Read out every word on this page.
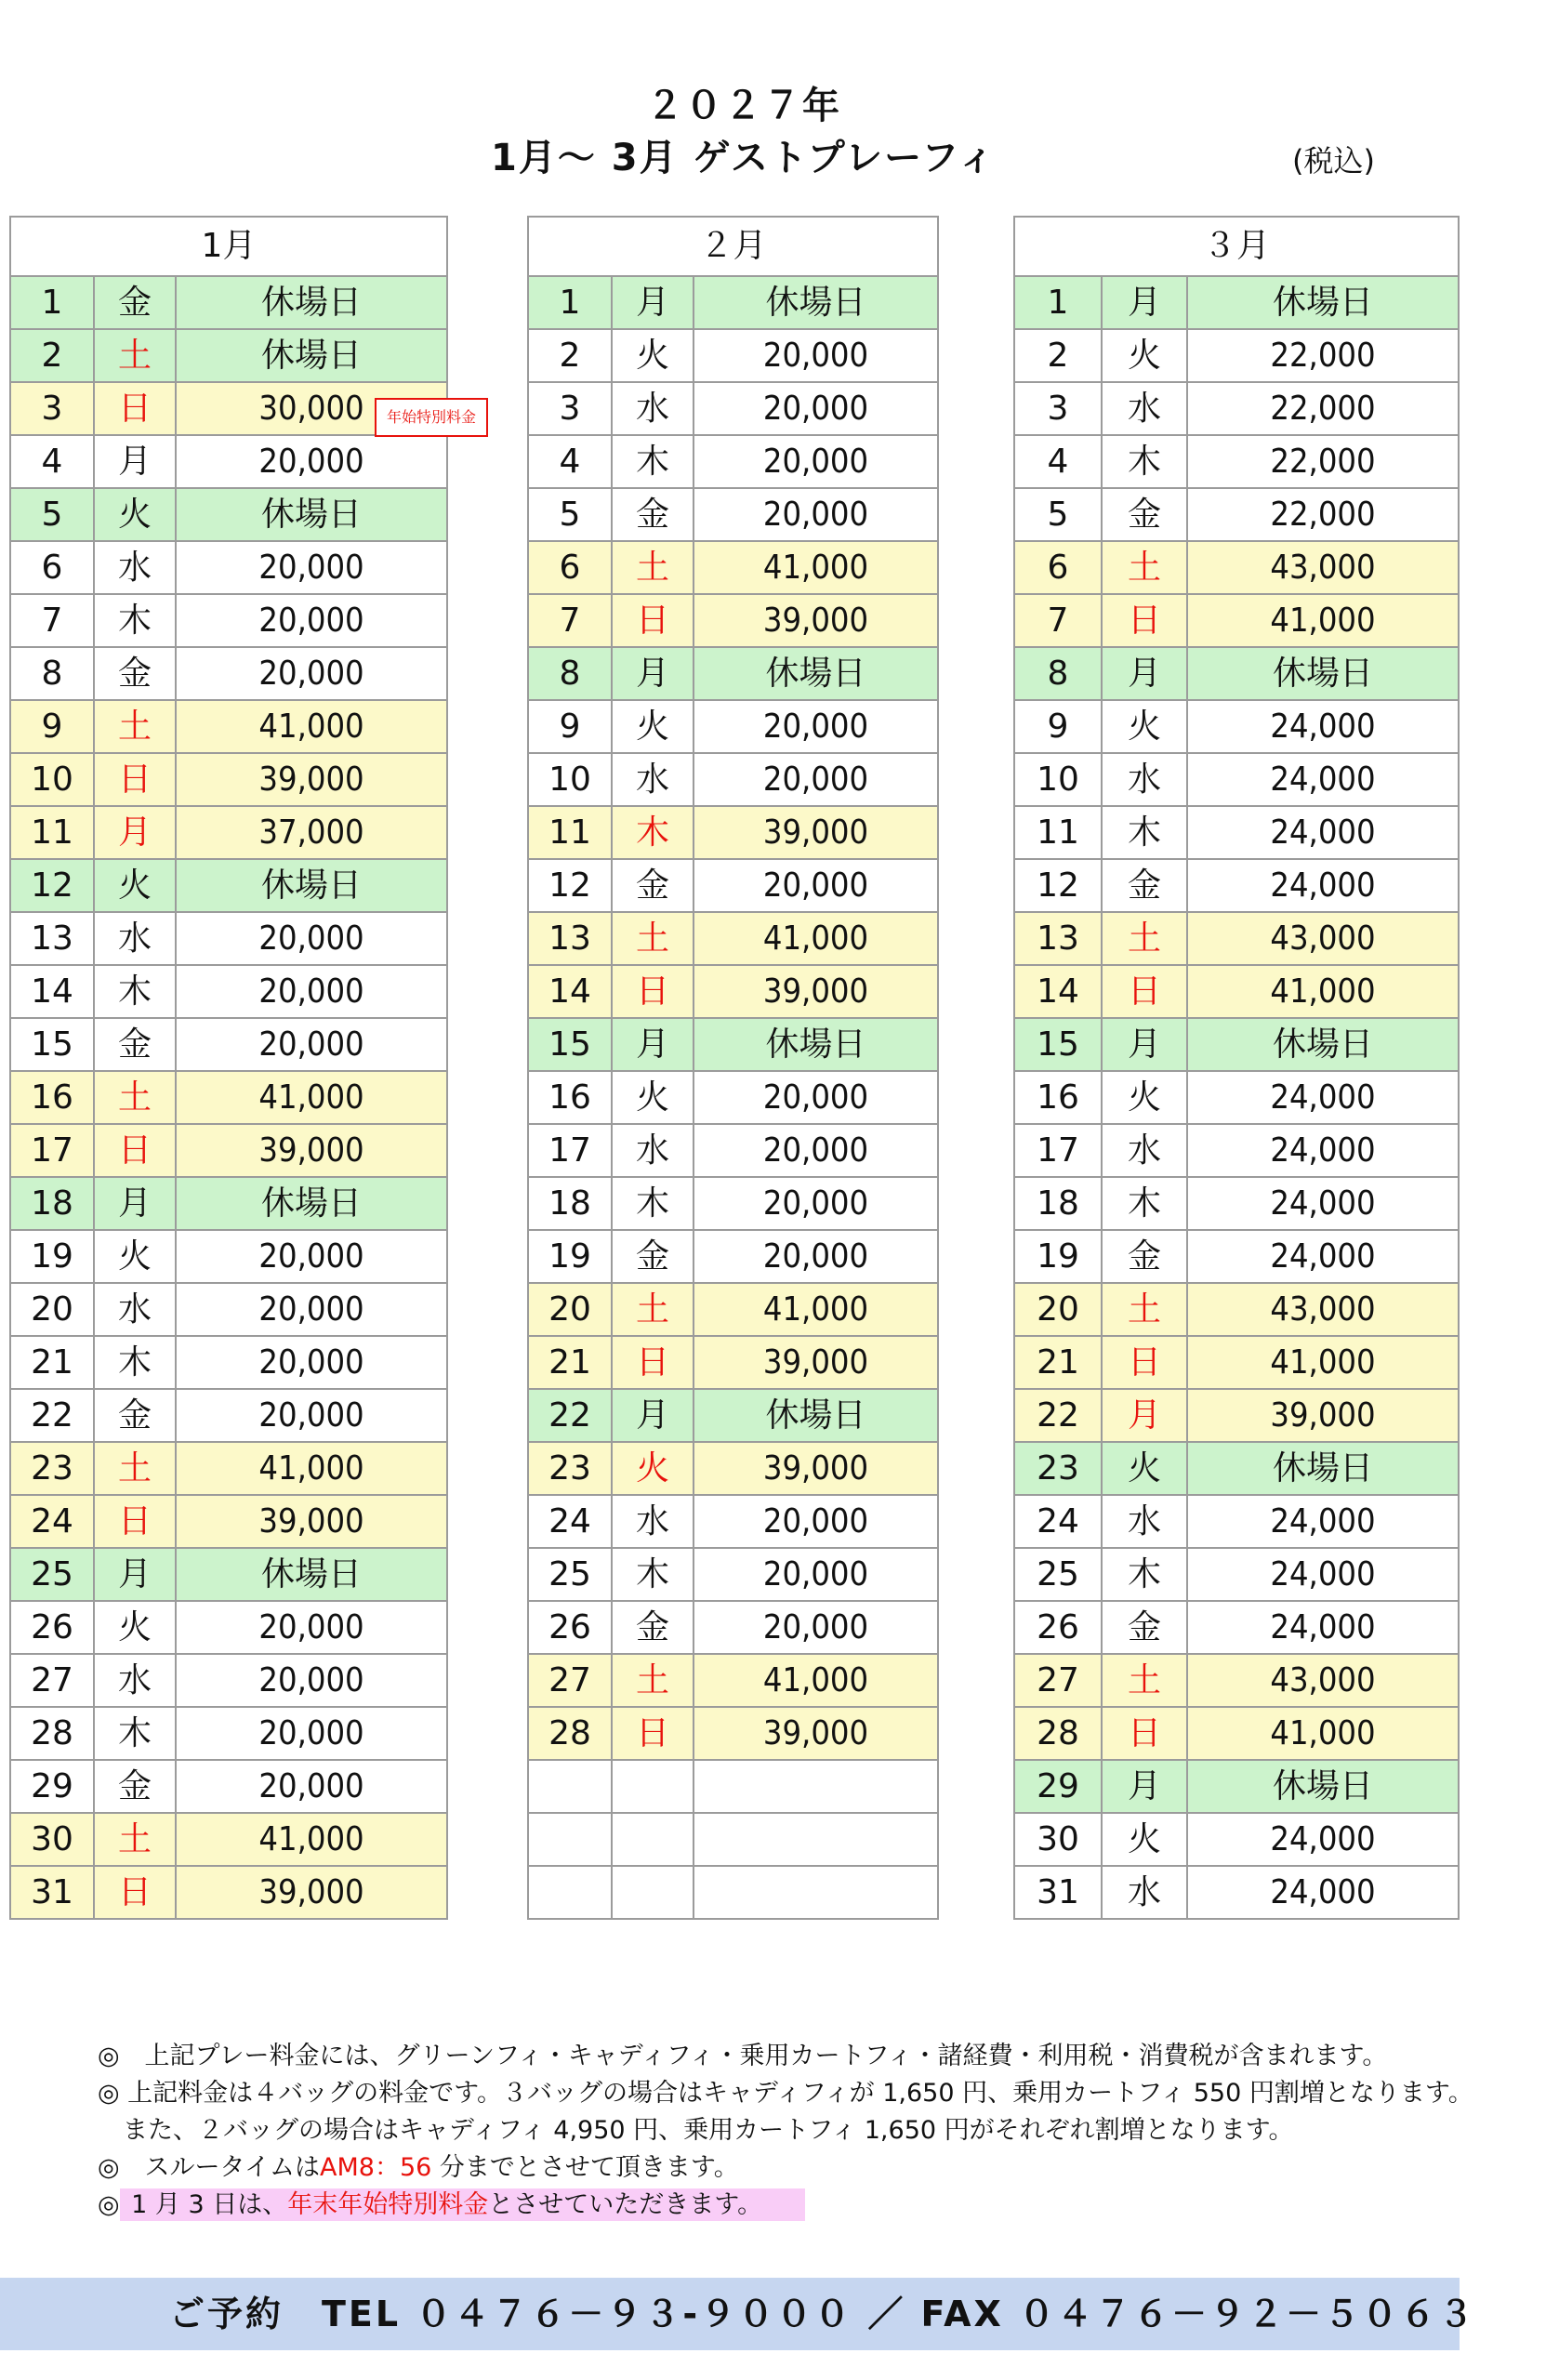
２０２７年
1月～ 3月 ゲストプレーフィ	(税込)
1月		
1	金	休場日
2	土	休場日
3	日	30,000
4	月	20,000
5	火	休場日
6	水	20,000
7	木	20,000
8	金	20,000
9	土	41,000
10	日	39,000
11	月	37,000
12	火	休場日
13	水	20,000
14	木	20,000
15	金	20,000
16	土	41,000
17	日	39,000
18	月	休場日
19	火	20,000
20	水	20,000
21	木	20,000
22	金	20,000
23	土	41,000
24	日	39,000
25	月	休場日
26	火	20,000
27	水	20,000
28	木	20,000
29	金	20,000
30	土	41,000
31	日	39,000
２月		
1	月	休場日
2	火	20,000
3	水	20,000
4	木	20,000
5	金	20,000
6	土	41,000
7	日	39,000
8	月	休場日
9	火	20,000
10	水	20,000
11	木	39,000
12	金	20,000
13	土	41,000
14	日	39,000
15	月	休場日
16	火	20,000
17	水	20,000
18	木	20,000
19	金	20,000
20	土	41,000
21	日	39,000
22	月	休場日
23	火	39,000
24	水	20,000
25	木	20,000
26	金	20,000
27	土	41,000
28	日	39,000

３月		
1	月	休場日
2	火	22,000
3	水	22,000
4	木	22,000
5	金	22,000
6	土	43,000
7	日	41,000
8	月	休場日
9	火	24,000
10	水	24,000
11	木	24,000
12	金	24,000
13	土	43,000
14	日	41,000
15	月	休場日
16	火	24,000
17	水	24,000
18	木	24,000
19	金	24,000
20	土	43,000
21	日	41,000
22	月	39,000
23	火	休場日
24	水	24,000
25	木	24,000
26	金	24,000
27	土	43,000
28	日	41,000
29	月	休場日
30	火	24,000
31	水	24,000
年始特別料金
◎　上記プレー料金には、グリーンフィ・キャディフィ・乗用カートフィ・諸経費・利用税・消費税が含まれます。
◎ 上記料金は４バッグの料金です。３バッグの場合はキャディフィが 1,650 円、乗用カートフィ 550 円割増となります。
　また、２バッグの場合はキャディフィ 4,950 円、乗用カートフィ 1,650 円がそれぞれ割増となります。
◎　スルータイムはAM8：56 分までとさせて頂きます。
◎ 1 月 3 日は、年末年始特別料金とさせていただきます。
ご予約　TEL ０４７６－９３-９０００ ／ FAX ０４７６－９２－５０６３
